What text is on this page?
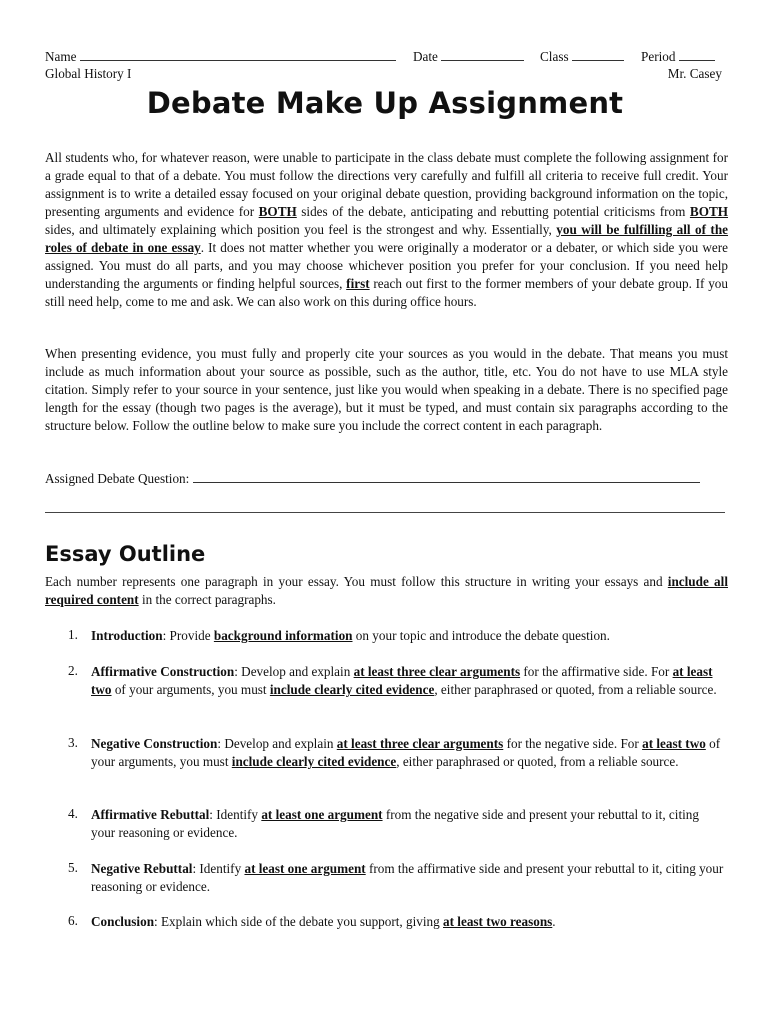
Name	Date	Class	Period
Global History I	Mr. Casey
Debate Make Up Assignment
All students who, for whatever reason, were unable to participate in the class debate must complete the following assignment for a grade equal to that of a debate. You must follow the directions very carefully and fulfill all criteria to receive full credit. Your assignment is to write a detailed essay focused on your original debate question, providing background information on the topic, presenting arguments and evidence for BOTH sides of the debate, anticipating and rebutting potential criticisms from BOTH sides, and ultimately explaining which position you feel is the strongest and why. Essentially, you will be fulfilling all of the roles of debate in one essay. It does not matter whether you were originally a moderator or a debater, or which side you were assigned. You must do all parts, and you may choose whichever position you prefer for your conclusion. If you need help understanding the arguments or finding helpful sources, first reach out first to the former members of your debate group. If you still need help, come to me and ask. We can also work on this during office hours.
When presenting evidence, you must fully and properly cite your sources as you would in the debate. That means you must include as much information about your source as possible, such as the author, title, etc. You do not have to use MLA style citation. Simply refer to your source in your sentence, just like you would when speaking in a debate. There is no specified page length for the essay (though two pages is the average), but it must be typed, and must contain six paragraphs according to the structure below. Follow the outline below to make sure you include the correct content in each paragraph.
Assigned Debate Question:
Essay Outline
Each number represents one paragraph in your essay. You must follow this structure in writing your essays and include all required content in the correct paragraphs.
1. Introduction: Provide background information on your topic and introduce the debate question.
2. Affirmative Construction: Develop and explain at least three clear arguments for the affirmative side. For at least two of your arguments, you must include clearly cited evidence, either paraphrased or quoted, from a reliable source.
3. Negative Construction: Develop and explain at least three clear arguments for the negative side. For at least two of your arguments, you must include clearly cited evidence, either paraphrased or quoted, from a reliable source.
4. Affirmative Rebuttal: Identify at least one argument from the negative side and present your rebuttal to it, citing your reasoning or evidence.
5. Negative Rebuttal: Identify at least one argument from the affirmative side and present your rebuttal to it, citing your reasoning or evidence.
6. Conclusion: Explain which side of the debate you support, giving at least two reasons.
